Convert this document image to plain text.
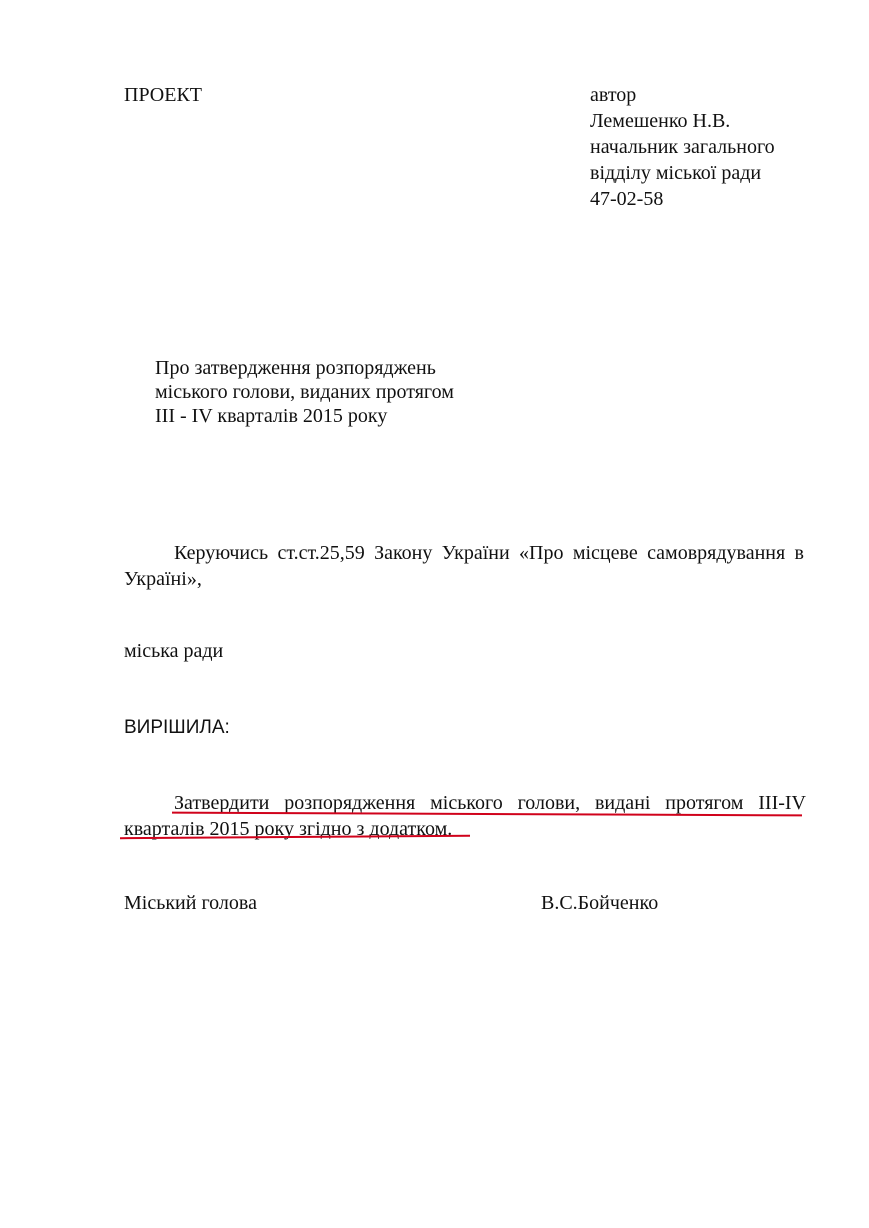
ПРОЕКТ	автор
Лемешенко Н.В.
начальник загального
відділу міської ради
47-02-58
Про затвердження розпоряджень
міського голови, виданих протягом
ІІІ - ІV кварталів 2015 року
Керуючись ст.ст.25,59 Закону України «Про місцеве самоврядування в
Україні»,
міська ради
ВИРІШИЛА:
Затвердити розпорядження міського голови, видані протягом ІІІ-ІV
кварталів 2015 року згідно з додатком.
Міський голова	В.С.Бойченко
